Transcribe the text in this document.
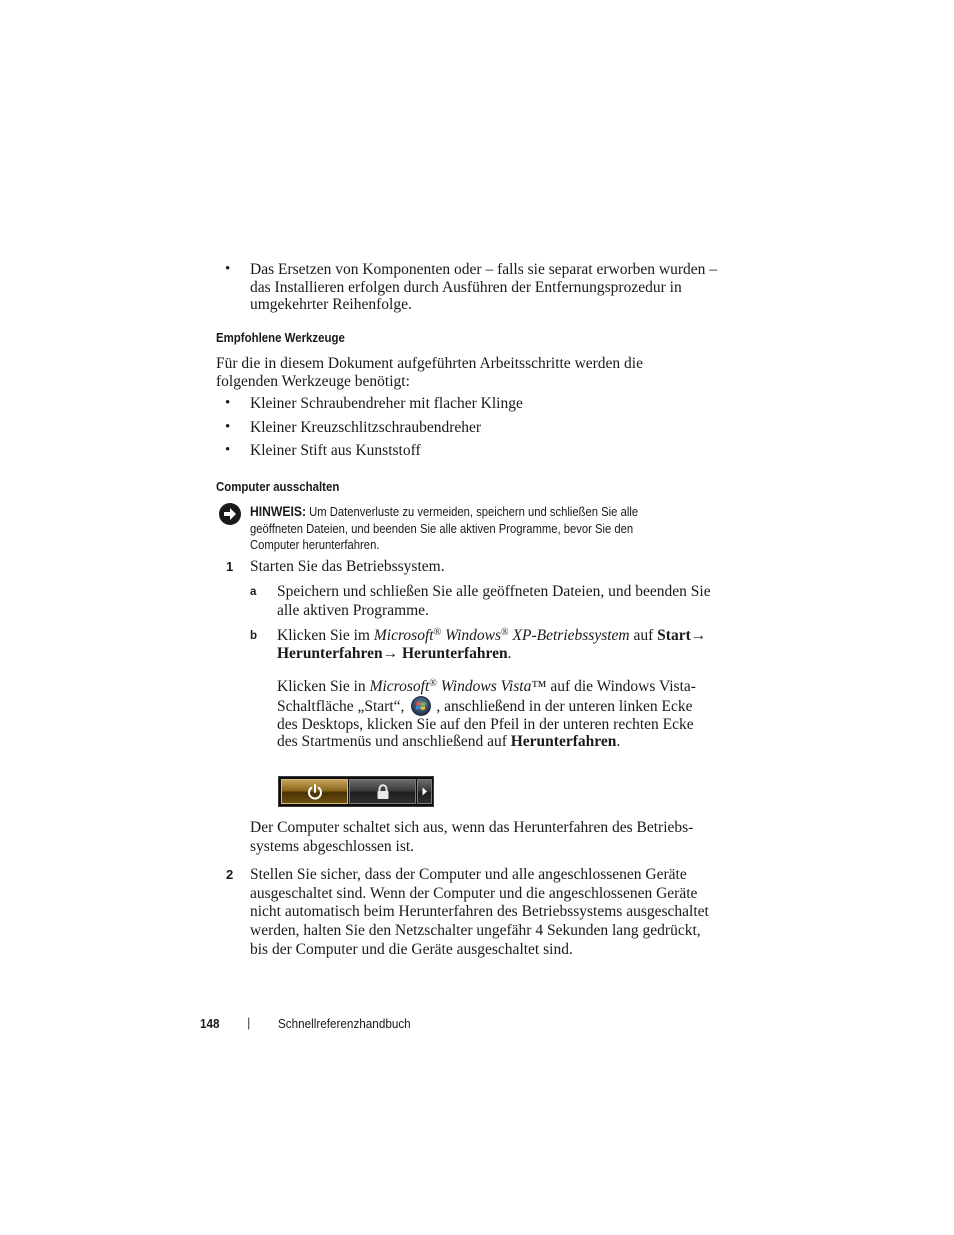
• Das Ersetzen von Komponenten oder – falls sie separat erworben wurden –
das Installieren erfolgen durch Ausführen der Entfernungsprozedur in
umgekehrter Reihenfolge.
Empfohlene Werkzeuge
Für die in diesem Dokument aufgeführten Arbeitsschritte werden die
folgenden Werkzeuge benötigt:
• Kleiner Schraubendreher mit flacher Klinge
• Kleiner Kreuzschlitzschraubendreher
• Kleiner Stift aus Kunststoff
Computer ausschalten
HINWEIS: Um Datenverluste zu vermeiden, speichern und schließen Sie alle
geöffneten Dateien, und beenden Sie alle aktiven Programme, bevor Sie den
Computer herunterfahren.
1 Starten Sie das Betriebssystem.
a Speichern und schließen Sie alle geöffneten Dateien, und beenden Sie
alle aktiven Programme.
b Klicken Sie im Microsoft® Windows® XP-Betriebssystem auf Start→
Herunterfahren→ Herunterfahren.
Klicken Sie in Microsoft® Windows Vista™ auf die Windows Vista-
Schaltfläche „Start“, , anschließend in der unteren linken Ecke
des Desktops, klicken Sie auf den Pfeil in der unteren rechten Ecke
des Startmenüs und anschließend auf Herunterfahren.
Der Computer schaltet sich aus, wenn das Herunterfahren des Betriebs-
systems abgeschlossen ist.
2 Stellen Sie sicher, dass der Computer und alle angeschlossenen Geräte
ausgeschaltet sind. Wenn der Computer und die angeschlossenen Geräte
nicht automatisch beim Herunterfahren des Betriebssystems ausgeschaltet
werden, halten Sie den Netzschalter ungefähr 4 Sekunden lang gedrückt,
bis der Computer und die Geräte ausgeschaltet sind.
148 | Schnellreferenzhandbuch
